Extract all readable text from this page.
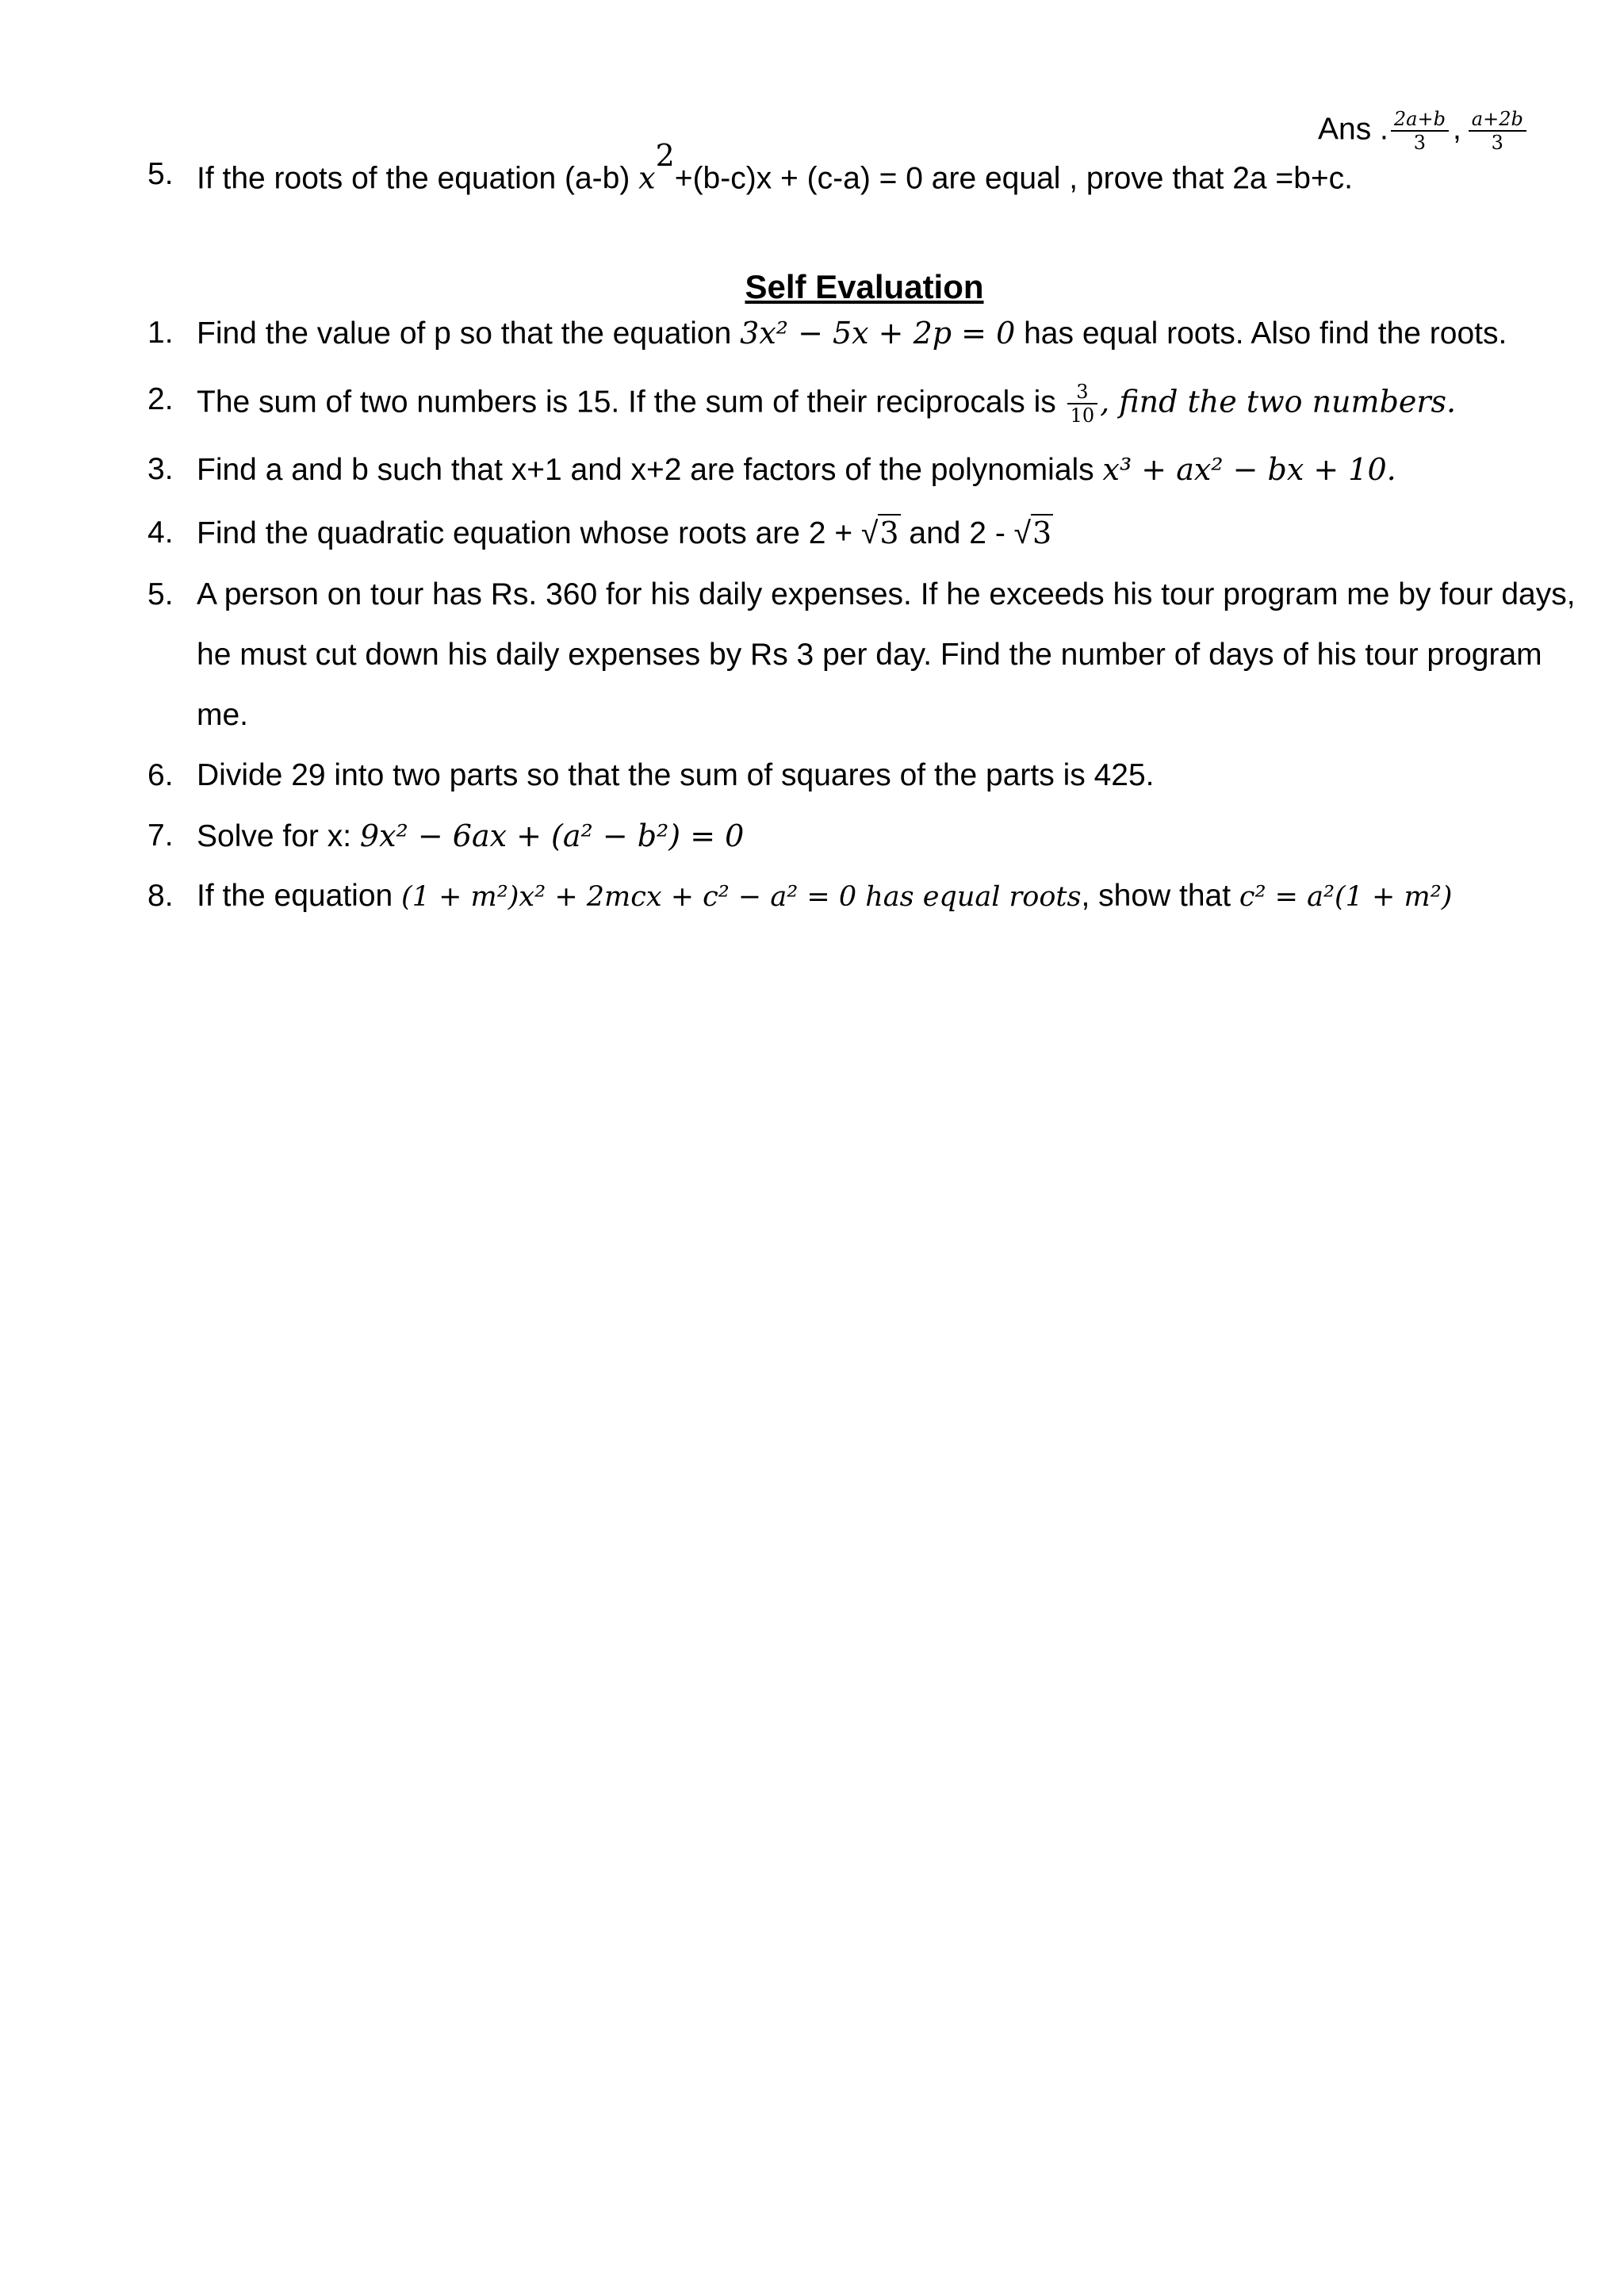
Ans . $\frac{2a+b}{3}$ , $\frac{a+2b}{3}$
5. If the roots of the equation (a-b) $x^2+(b-c)x + (c-a) = 0$ are equal , prove that 2a =b+c.
Self Evaluation
1. Find the value of p so that the equation 3x² − 5x + 2p = 0 has equal roots. Also find the roots.
2. The sum of two numbers is 15. If the sum of their reciprocals is $\frac{3}{10}$ , find the two numbers.
3. Find a and b such that x+1 and x+2 are factors of the polynomials x³ + ax² − bx + 10.
4. Find the quadratic equation whose roots are 2 + √3 and 2 - √3
5. A person on tour has Rs. 360 for his daily expenses. If he exceeds his tour program me by four days,
he must cut down his daily expenses by Rs 3 per day. Find the number of days of his tour program
me.
6. Divide 29 into two parts so that the sum of squares of the parts is 425.
7. Solve for x: 9x² − 6ax + (a² − b²) = 0
8. If the equation (1 + m²)x² + 2mcx + c² − a² = 0 has equal roots, show that c² = a²(1 + m²)
